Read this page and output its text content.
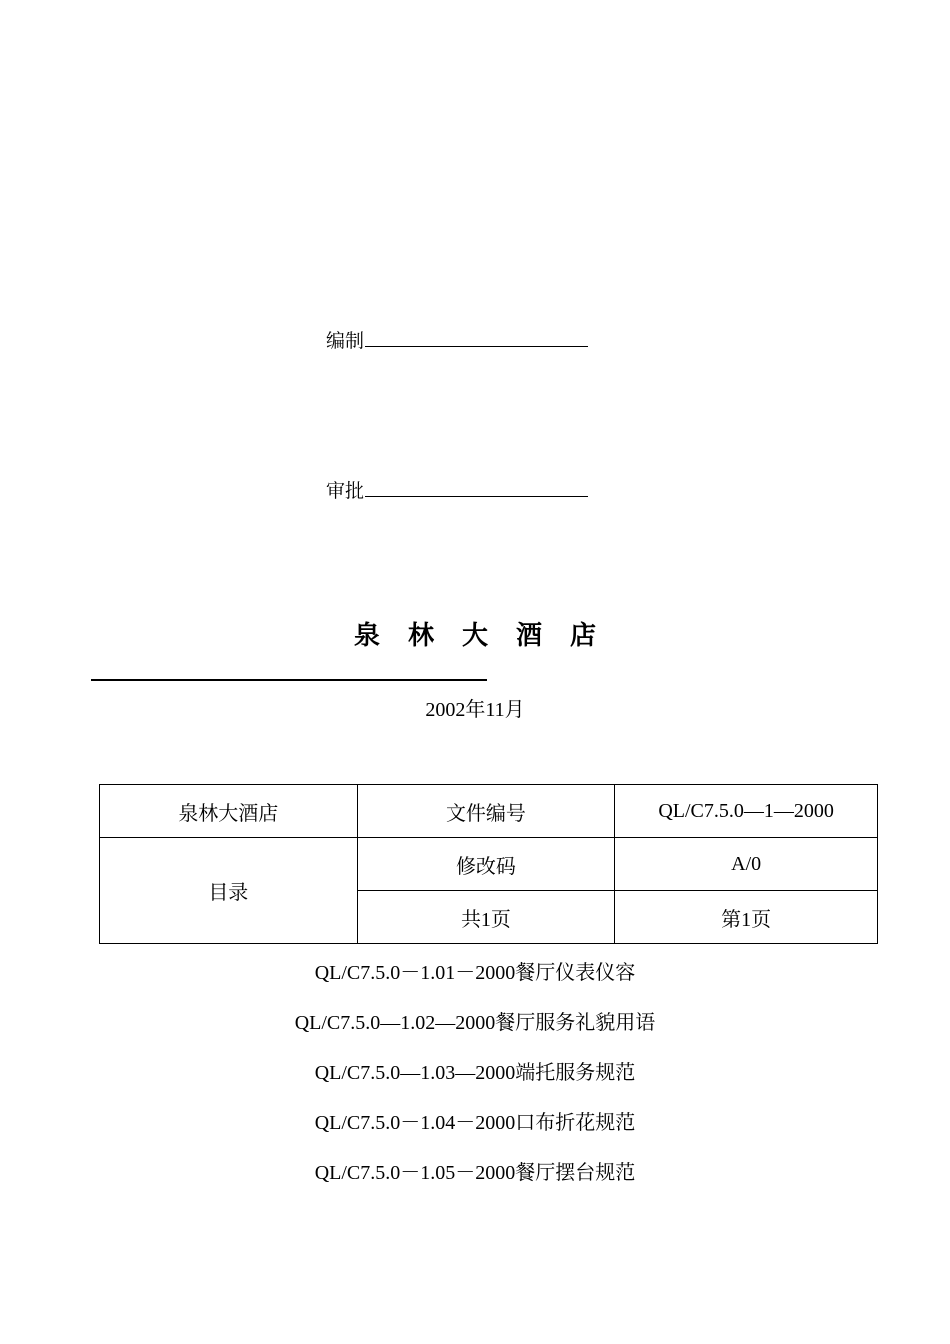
编制
审批
泉林大酒店
2002年11月
泉林大酒店	文件编号	QL/C7.5.0—1—2000
目录	修改码	A/0
	共1页	第1页
QL/C7.5.0－1.01－2000餐厅仪表仪容
QL/C7.5.0—1.02—2000餐厅服务礼貌用语
QL/C7.5.0—1.03—2000端托服务规范
QL/C7.5.0－1.04－2000口布折花规范
QL/C7.5.0－1.05－2000餐厅摆台规范
